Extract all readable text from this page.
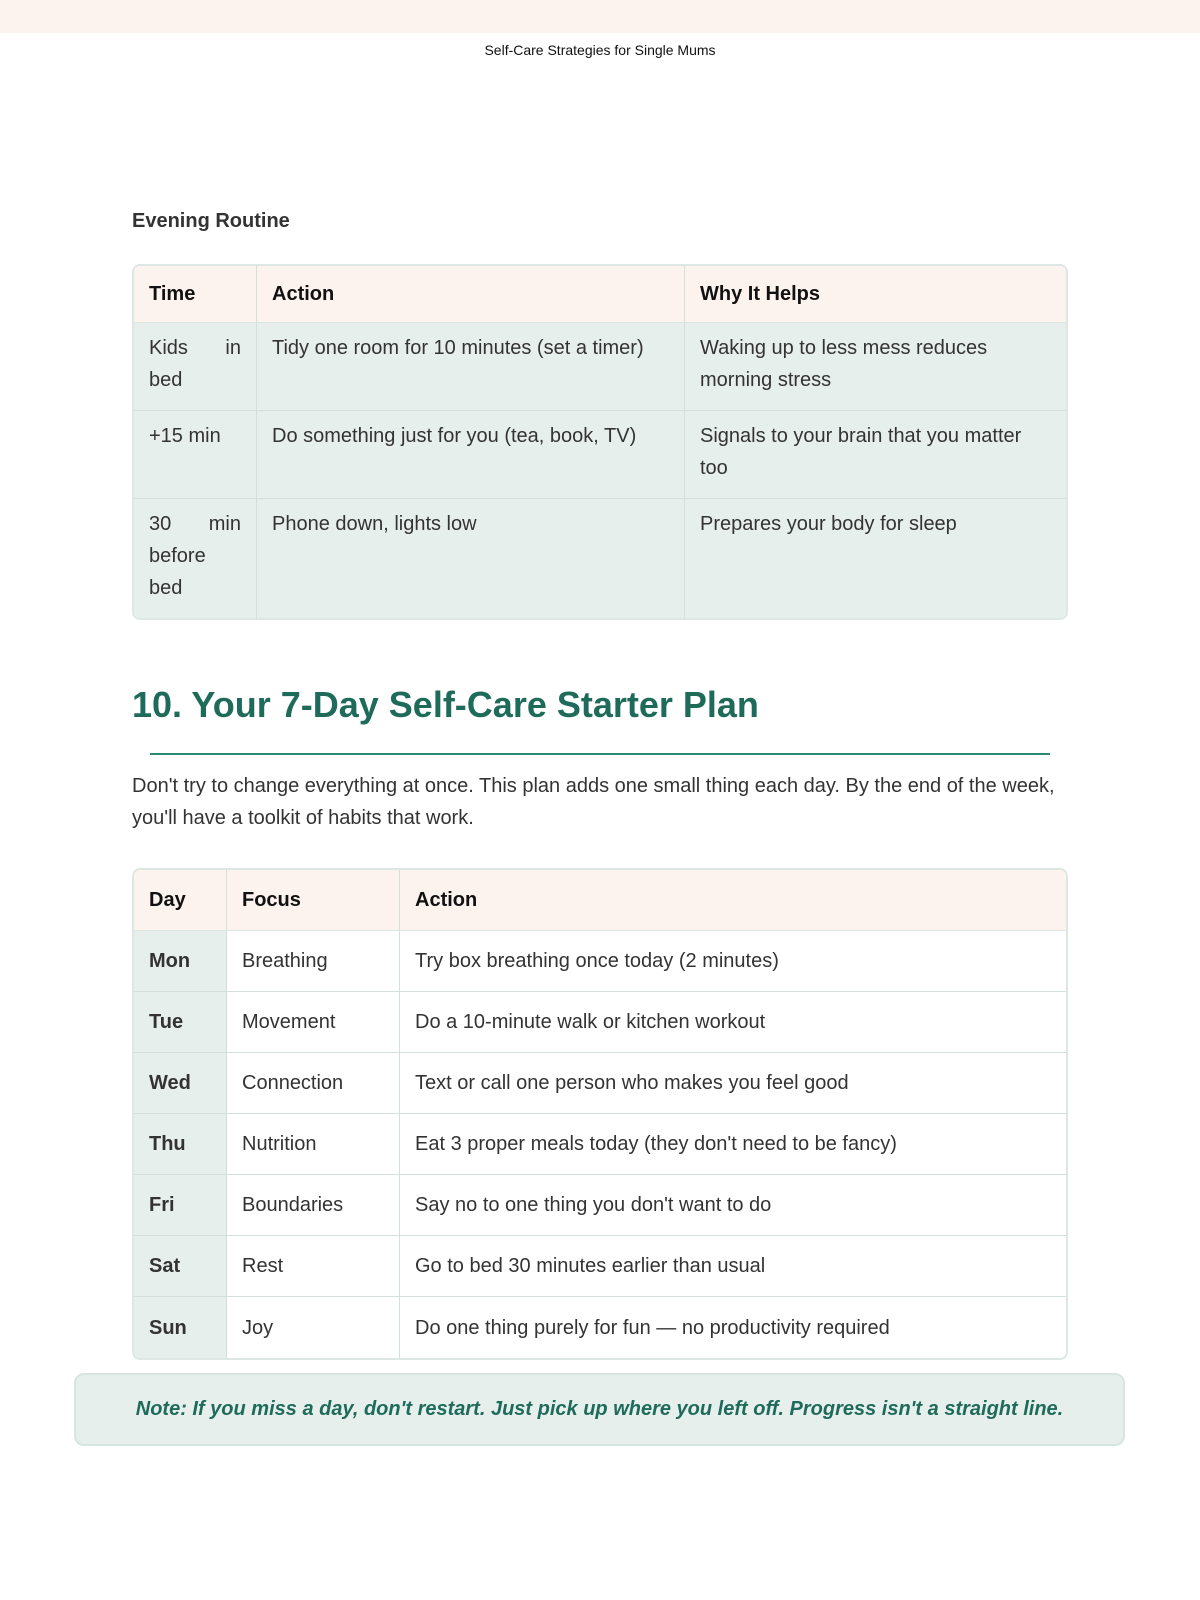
Self-Care Strategies for Single Mums
Evening Routine
Time	Action	Why It Helps
Kids in bed	Tidy one room for 10 minutes (set a timer)	Waking up to less mess reduces morning stress
+15 min	Do something just for you (tea, book, TV)	Signals to your brain that you matter too
30 min before bed	Phone down, lights low	Prepares your body for sleep
10. Your 7-Day Self-Care Starter Plan

Don't try to change everything at once. This plan adds one small thing each day. By the end of the week, you'll have a toolkit of habits that work.

Day	Focus	Action
Mon	Breathing	Try box breathing once today (2 minutes)
Tue	Movement	Do a 10-minute walk or kitchen workout
Wed	Connection	Text or call one person who makes you feel good
Thu	Nutrition	Eat 3 proper meals today (they don't need to be fancy)
Fri	Boundaries	Say no to one thing you don't want to do
Sat	Rest	Go to bed 30 minutes earlier than usual
Sun	Joy	Do one thing purely for fun — no productivity required
Note: If you miss a day, don't restart. Just pick up where you left off. Progress isn't a straight line.
